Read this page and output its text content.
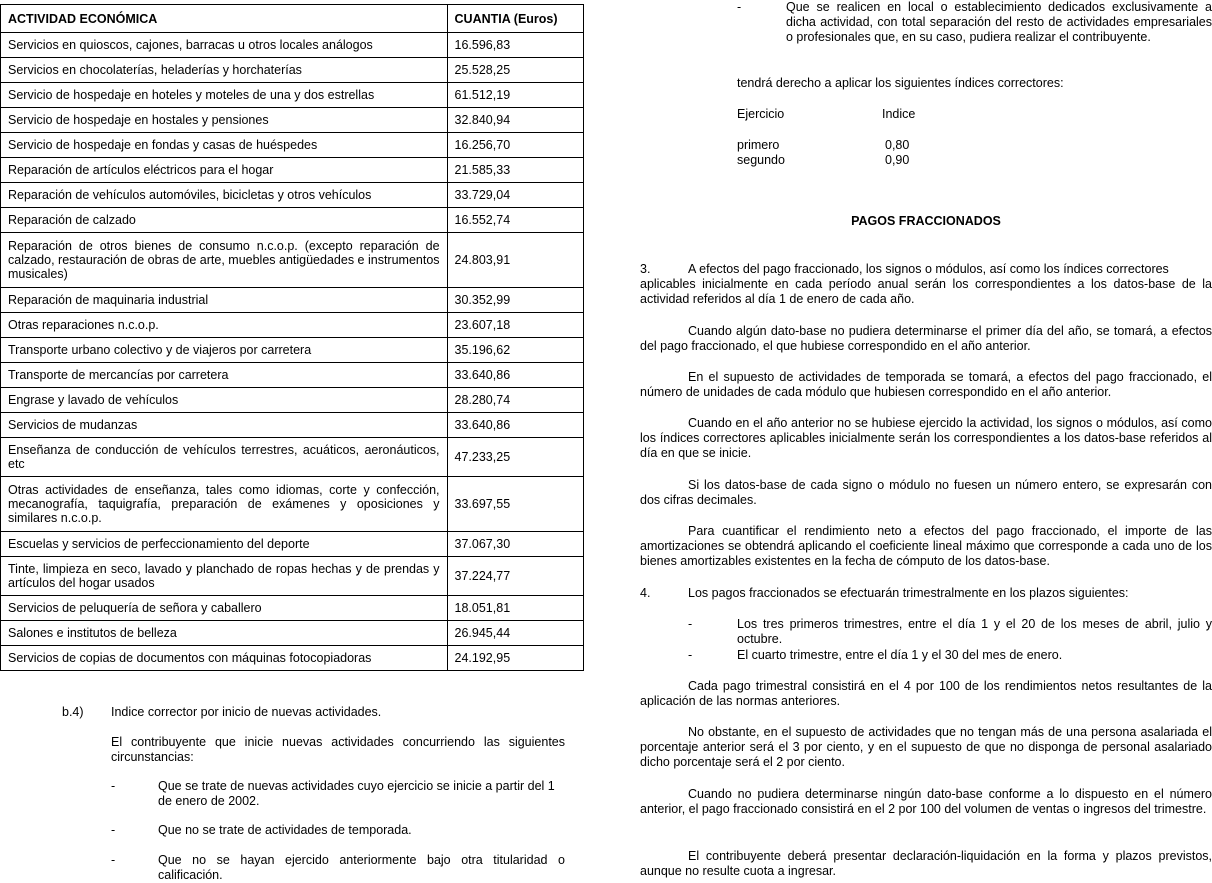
ACTIVIDAD ECONÓMICA	CUANTIA (Euros)
Servicios en quioscos, cajones, barracas u otros locales análogos	16.596,83
Servicios en chocolaterías, heladerías y horchaterías	25.528,25
Servicio de hospedaje en hoteles y moteles de una y dos estrellas	61.512,19
Servicio de hospedaje en hostales y pensiones	32.840,94
Servicio de hospedaje en fondas y casas de huéspedes	16.256,70
Reparación de artículos eléctricos para el hogar	21.585,33
Reparación de vehículos automóviles, bicicletas y otros vehículos	33.729,04
Reparación de calzado	16.552,74
Reparación de otros bienes de consumo n.c.o.p. (excepto reparación de calzado, restauración de obras de arte, muebles antigüedades e instrumentos musicales)	24.803,91
Reparación de maquinaria industrial	30.352,99
Otras reparaciones n.c.o.p.	23.607,18
Transporte urbano colectivo y de viajeros por carretera	35.196,62
Transporte de mercancías por carretera	33.640,86
Engrase y lavado de vehículos	28.280,74
Servicios de mudanzas	33.640,86
Enseñanza de conducción de vehículos terrestres, acuáticos, aeronáuticos, etc	47.233,25
Otras actividades de enseñanza, tales como idiomas, corte y confección, mecanografía, taquigrafía, preparación de exámenes y oposiciones y similares n.c.o.p.	33.697,55
Escuelas y servicios de perfeccionamiento del deporte	37.067,30
Tinte, limpieza en seco, lavado y planchado de ropas hechas y de prendas y artículos del hogar usados	37.224,77
Servicios de peluquería de señora y caballero	18.051,81
Salones e institutos de belleza	26.945,44
Servicios de copias de documentos con máquinas fotocopiadoras	24.192,95
b.4) Indice corrector por inicio de nuevas actividades.
El contribuyente que inicie nuevas actividades concurriendo las siguientes circunstancias:
-	Que se trate de nuevas actividades cuyo ejercicio se inicie a partir del 1 de enero de 2002.
-	Que no se trate de actividades de temporada.
-	Que no se hayan ejercido anteriormente bajo otra titularidad o calificación.
-	Que se realicen en local o establecimiento dedicados exclusivamente a dicha actividad, con total separación del resto de actividades empresariales o profesionales que, en su caso, pudiera realizar el contribuyente.
tendrá derecho a aplicar los siguientes índices correctores:
Ejercicio	Indice
primero	0,80
segundo	0,90
PAGOS FRACCIONADOS
3.	A efectos del pago fraccionado, los signos o módulos, así como los índices correctores
aplicables inicialmente en cada período anual serán los correspondientes a los datos-base de la actividad referidos al día 1 de enero de cada año.
Cuando algún dato-base no pudiera determinarse el primer día del año, se tomará, a efectos del pago fraccionado, el que hubiese correspondido en el año anterior.
En el supuesto de actividades de temporada se tomará, a efectos del pago fraccionado, el número de unidades de cada módulo que hubiesen correspondido en el año anterior.
Cuando en el año anterior no se hubiese ejercido la actividad, los signos o módulos, así como los índices correctores aplicables inicialmente serán los correspondientes a los datos-base referidos al día en que se inicie.
Si los datos-base de cada signo o módulo no fuesen un número entero, se expresarán con dos cifras decimales.
Para cuantificar el rendimiento neto a efectos del pago fraccionado, el importe de las amortizaciones se obtendrá aplicando el coeficiente lineal máximo que corresponde a cada uno de los bienes amortizables existentes en la fecha de cómputo de los datos-base.
4.	Los pagos fraccionados se efectuarán trimestralmente en los plazos siguientes:
-	Los tres primeros trimestres, entre el día 1 y el 20 de los meses de abril, julio y octubre.
-	El cuarto trimestre, entre el día 1 y el 30 del mes de enero.
Cada pago trimestral consistirá en el 4 por 100 de los rendimientos netos resultantes de la aplicación de las normas anteriores.
No obstante, en el supuesto de actividades que no tengan más de una persona asalariada el porcentaje anterior será el 3 por ciento, y en el supuesto de que no disponga de personal asalariado dicho porcentaje será el 2 por ciento.
Cuando no pudiera determinarse ningún dato-base conforme a lo dispuesto en el número anterior, el pago fraccionado consistirá en el 2 por 100 del volumen de ventas o ingresos del trimestre.
El contribuyente deberá presentar declaración-liquidación en la forma y plazos previstos, aunque no resulte cuota a ingresar.
